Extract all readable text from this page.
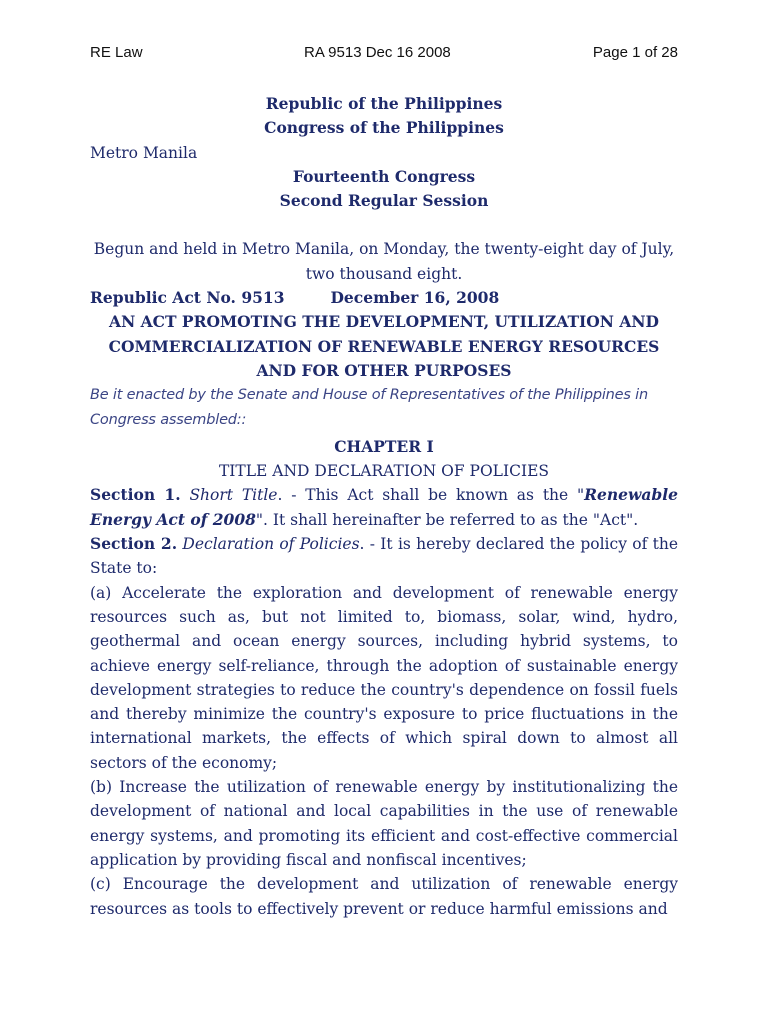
RE Law	RA 9513 Dec 16 2008	Page 1 of 28

Republic of the Philippines

Congress of the Philippines

Metro Manila

Fourteenth Congress

Second Regular Session

Begun and held in Metro Manila, on Monday, the twenty-eight day of July, two thousand eight.

Republic Act No. 9513	December 16, 2008

AN ACT PROMOTING THE DEVELOPMENT, UTILIZATION AND COMMERCIALIZATION OF RENEWABLE ENERGY RESOURCES AND FOR OTHER PURPOSES

Be it enacted by the Senate and House of Representatives of the Philippines in Congress assembled::

CHAPTER I

TITLE AND DECLARATION OF POLICIES

Section 1. Short Title. - This Act shall be known as the "Renewable Energy Act of 2008". It shall hereinafter be referred to as the "Act".

Section 2. Declaration of Policies. - It is hereby declared the policy of the State to:

(a) Accelerate the exploration and development of renewable energy resources such as, but not limited to, biomass, solar, wind, hydro, geothermal and ocean energy sources, including hybrid systems, to achieve energy self-reliance, through the adoption of sustainable energy development strategies to reduce the country's dependence on fossil fuels and thereby minimize the country's exposure to price fluctuations in the international markets, the effects of which spiral down to almost all sectors of the economy;

(b) Increase the utilization of renewable energy by institutionalizing the development of national and local capabilities in the use of renewable energy systems, and promoting its efficient and cost-effective commercial application by providing fiscal and nonfiscal incentives;

(c) Encourage the development and utilization of renewable energy resources as tools to effectively prevent or reduce harmful emissions and
